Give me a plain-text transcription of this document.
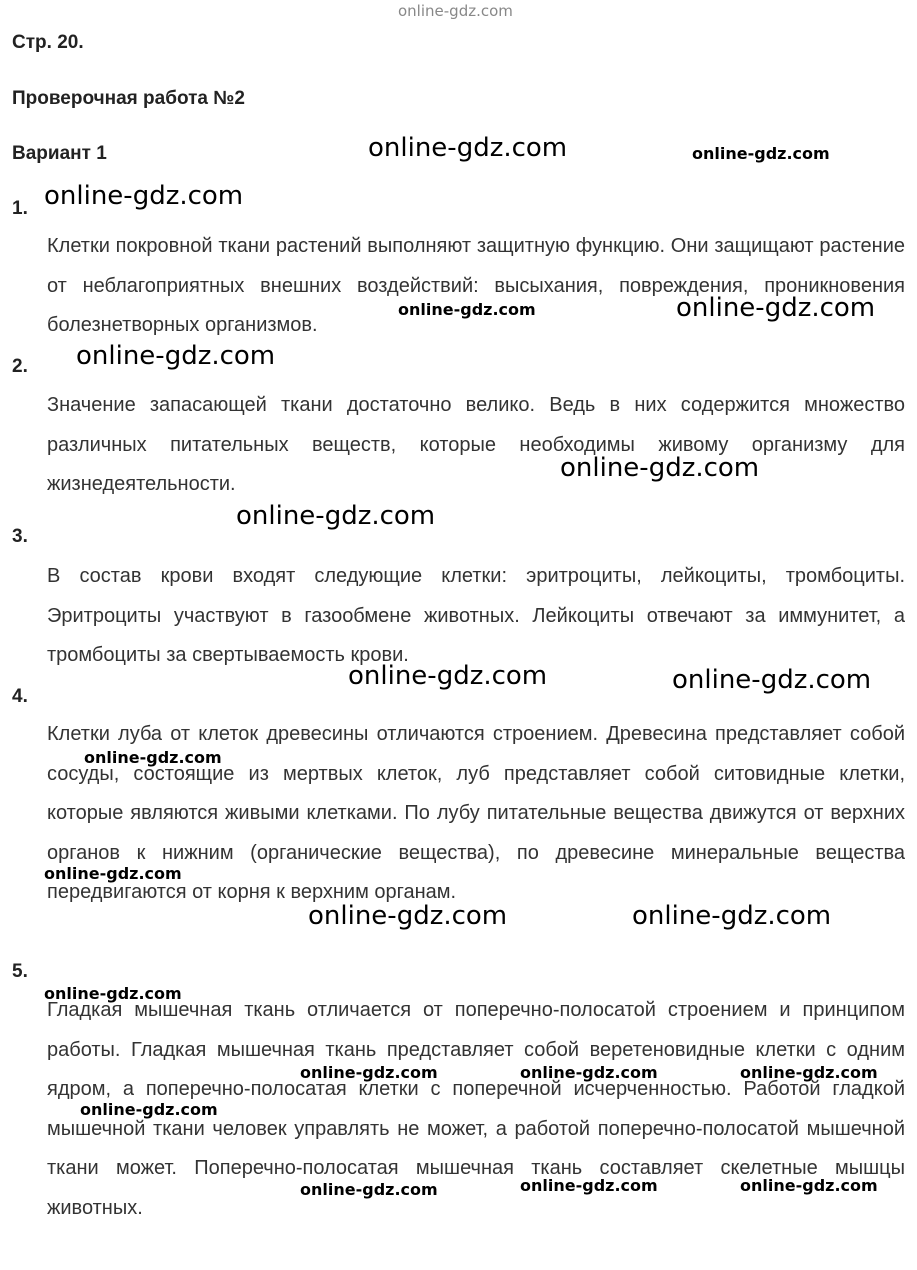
online-gdz.com
Стр. 20.
Проверочная работа №2
Вариант 1
1.
Клетки покровной ткани растений выполняют защитную функцию. Они защищают растение от неблагоприятных внешних воздействий: высыхания, повреждения, проникновения болезнетворных организмов.
2.
Значение запасающей ткани достаточно велико. Ведь в них содержится множество различных питательных веществ, которые необходимы живому организму для жизнедеятельности.
3.
В состав крови входят следующие клетки: эритроциты, лейкоциты, тромбоциты. Эритроциты участвуют в газообмене животных. Лейкоциты отвечают за иммунитет, а тромбоциты за свертываемость крови.
4.
Клетки луба от клеток древесины отличаются строением. Древесина представляет собой сосуды, состоящие из мертвых клеток, луб представляет собой ситовидные клетки, которые являются живыми клетками. По лубу питательные вещества движутся от верхних органов к нижним (органические вещества), по древесине минеральные вещества передвигаются от корня к верхним органам.
5.
Гладкая мышечная ткань отличается от поперечно-полосатой строением и принципом работы. Гладкая мышечная ткань представляет собой веретеновидные клетки с одним ядром, а поперечно-полосатая клетки с поперечной исчерченностью. Работой гладкой мышечной ткани человек управлять не может, а работой поперечно-полосатой мышечной ткани может. Поперечно-полосатая мышечная ткань составляет скелетные мышцы животных.
online-gdz.com	online-gdz.com
online-gdz.com
online-gdz.com	online-gdz.com
online-gdz.com
online-gdz.com
online-gdz.com
online-gdz.com	online-gdz.com
online-gdz.com
online-gdz.com
online-gdz.com	online-gdz.com
online-gdz.com
online-gdz.com	online-gdz.com	online-gdz.com
online-gdz.com
online-gdz.com	online-gdz.com	online-gdz.com
